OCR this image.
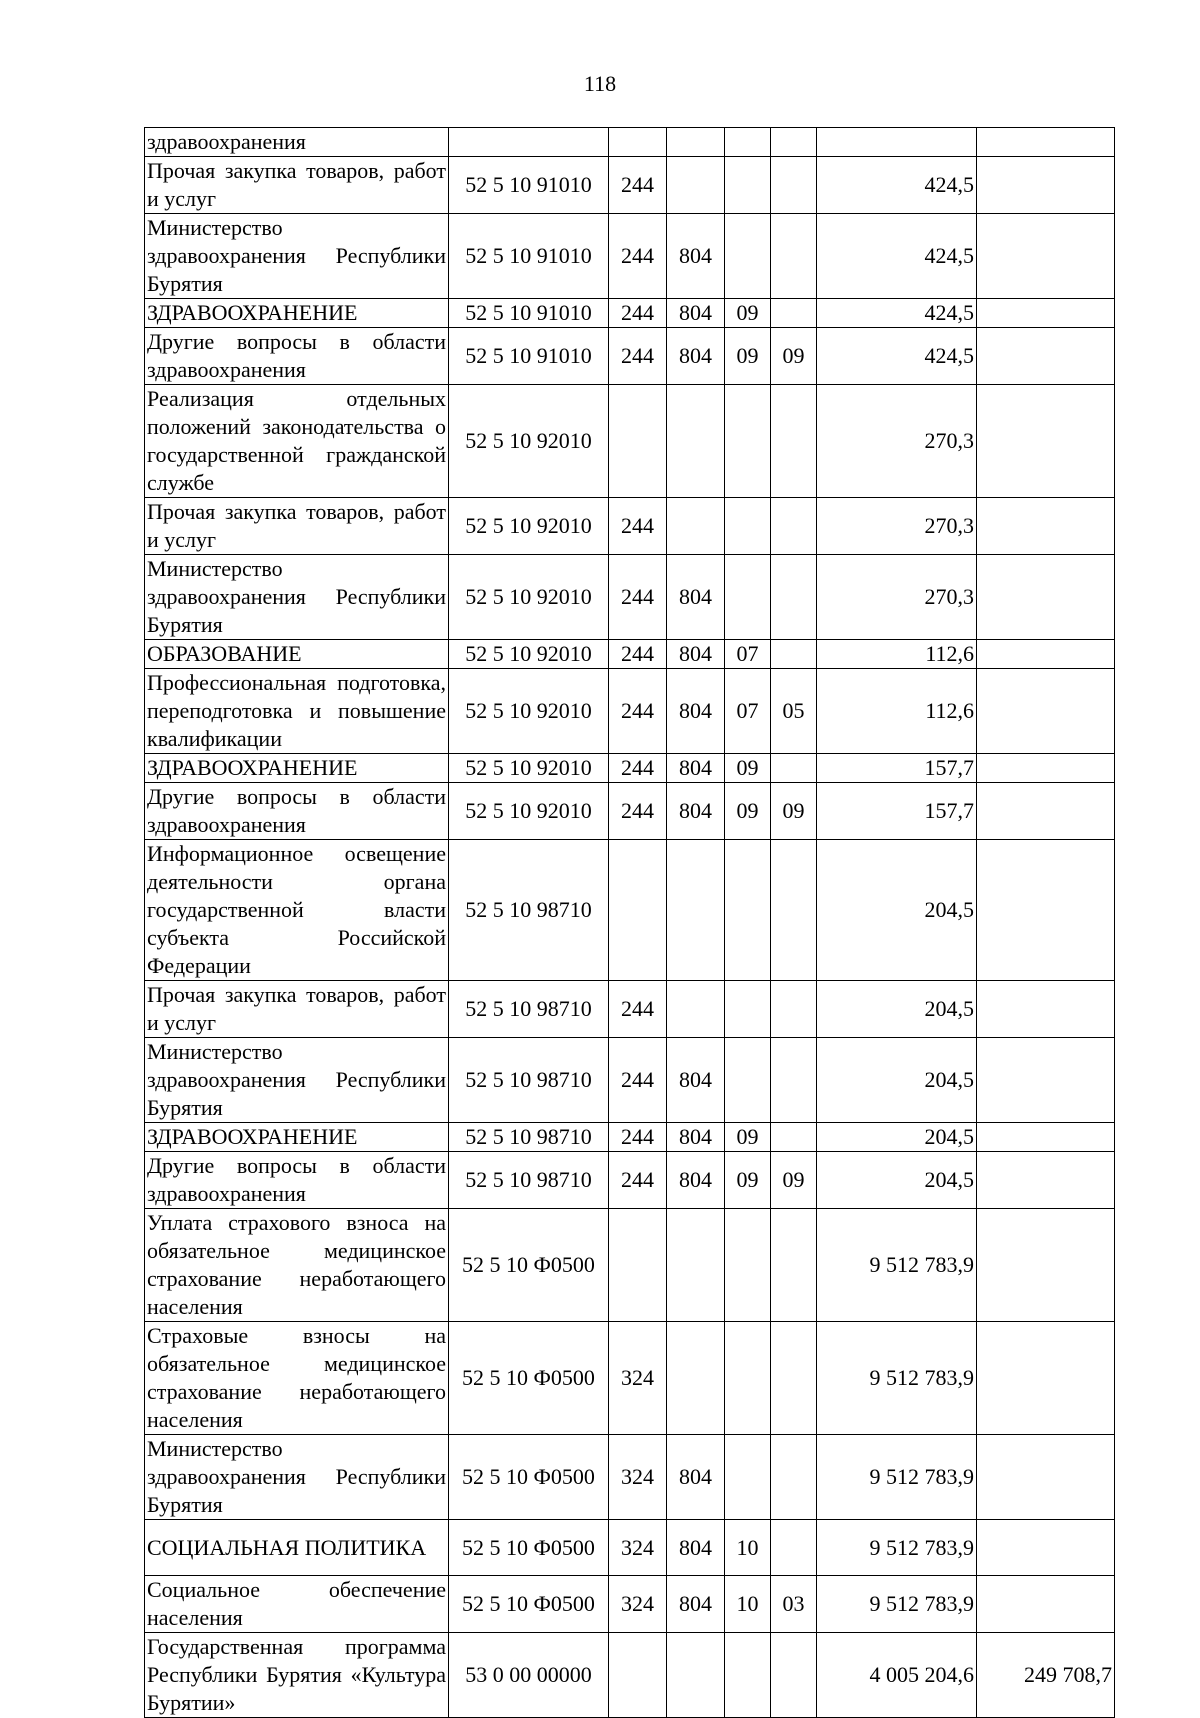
118
здравоохранения							
Прочая закупка товаров, работ и услуг	52 5 10 91010	244				424,5	
Министерство здравоохранения Республики Бурятия	52 5 10 91010	244	804			424,5	
ЗДРАВООХРАНЕНИЕ	52 5 10 91010	244	804	09		424,5	
Другие вопросы в области здравоохранения	52 5 10 91010	244	804	09	09	424,5	
Реализация отдельных положений законодательства о государственной гражданской службе	52 5 10 92010					270,3	
Прочая закупка товаров, работ и услуг	52 5 10 92010	244				270,3	
Министерство здравоохранения Республики Бурятия	52 5 10 92010	244	804			270,3	
ОБРАЗОВАНИЕ	52 5 10 92010	244	804	07		112,6	
Профессиональная подготовка, переподготовка и повышение квалификации	52 5 10 92010	244	804	07	05	112,6	
ЗДРАВООХРАНЕНИЕ	52 5 10 92010	244	804	09		157,7	
Другие вопросы в области здравоохранения	52 5 10 92010	244	804	09	09	157,7	
Информационное освещение деятельности органа государственной власти субъекта Российской Федерации	52 5 10 98710					204,5	
Прочая закупка товаров, работ и услуг	52 5 10 98710	244				204,5	
Министерство здравоохранения Республики Бурятия	52 5 10 98710	244	804			204,5	
ЗДРАВООХРАНЕНИЕ	52 5 10 98710	244	804	09		204,5	
Другие вопросы в области здравоохранения	52 5 10 98710	244	804	09	09	204,5	
Уплата страхового взноса на обязательное медицинское страхование неработающего населения	52 5 10 Ф0500					9 512 783,9	
Страховые взносы на обязательное медицинское страхование неработающего населения	52 5 10 Ф0500	324				9 512 783,9	
Министерство здравоохранения Республики Бурятия	52 5 10 Ф0500	324	804			9 512 783,9	
СОЦИАЛЬНАЯ ПОЛИТИКА	52 5 10 Ф0500	324	804	10		9 512 783,9	
Социальное обеспечение населения	52 5 10 Ф0500	324	804	10	03	9 512 783,9	
Государственная программа Республики Бурятия «Культура Бурятии»	53 0 00 00000					4 005 204,6	249 708,7
